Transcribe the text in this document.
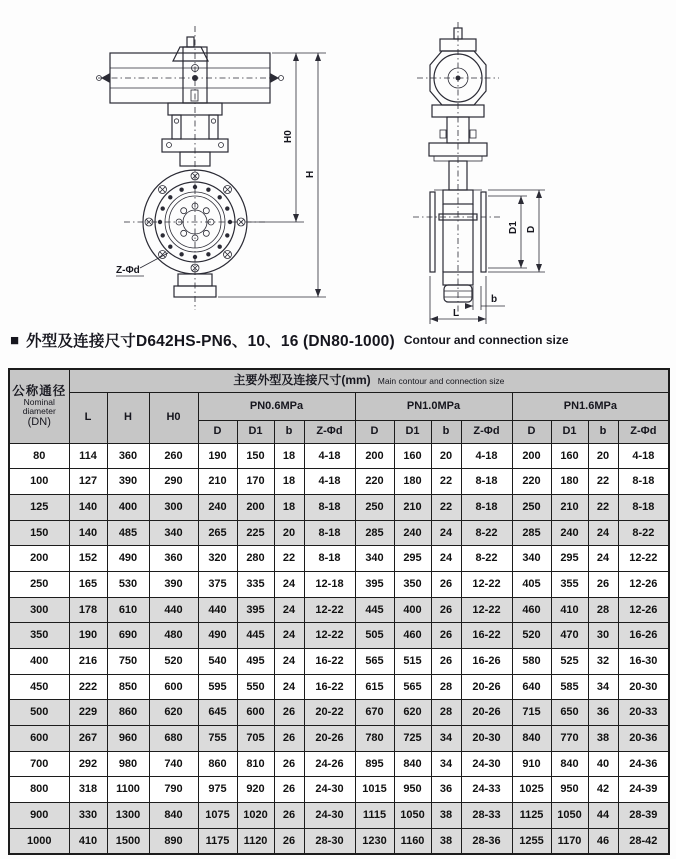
H0
H
Z-Φd
D1 D
b
L
■ 外型及连接尺寸D642HS-PN6、10、16 (DN80-1000) Contour and connection size
公称通径
Nominal diameter
(DN)	主要外型及连接尺寸(mm) Main contour and connection size														
	L	H	H0	PN0.6MPa				PN1.0MPa				PN1.6MPa			
				D	D1	b	Z-Φd	D	D1	b	Z-Φd	D	D1	b	Z-Φd
80	114	360	260	190	150	18	4-18	200	160	20	4-18	200	160	20	4-18
100	127	390	290	210	170	18	4-18	220	180	22	8-18	220	180	22	8-18
125	140	400	300	240	200	18	8-18	250	210	22	8-18	250	210	22	8-18
150	140	485	340	265	225	20	8-18	285	240	24	8-22	285	240	24	8-22
200	152	490	360	320	280	22	8-18	340	295	24	8-22	340	295	24	12-22
250	165	530	390	375	335	24	12-18	395	350	26	12-22	405	355	26	12-26
300	178	610	440	440	395	24	12-22	445	400	26	12-22	460	410	28	12-26
350	190	690	480	490	445	24	12-22	505	460	26	16-22	520	470	30	16-26
400	216	750	520	540	495	24	16-22	565	515	26	16-26	580	525	32	16-30
450	222	850	600	595	550	24	16-22	615	565	28	20-26	640	585	34	20-30
500	229	860	620	645	600	26	20-22	670	620	28	20-26	715	650	36	20-33
600	267	960	680	755	705	26	20-26	780	725	34	20-30	840	770	38	20-36
700	292	980	740	860	810	26	24-26	895	840	34	24-30	910	840	40	24-36
800	318	1100	790	975	920	26	24-30	1015	950	36	24-33	1025	950	42	24-39
900	330	1300	840	1075	1020	26	24-30	1115	1050	38	28-33	1125	1050	44	28-39
1000	410	1500	890	1175	1120	26	28-30	1230	1160	38	28-36	1255	1170	46	28-42
